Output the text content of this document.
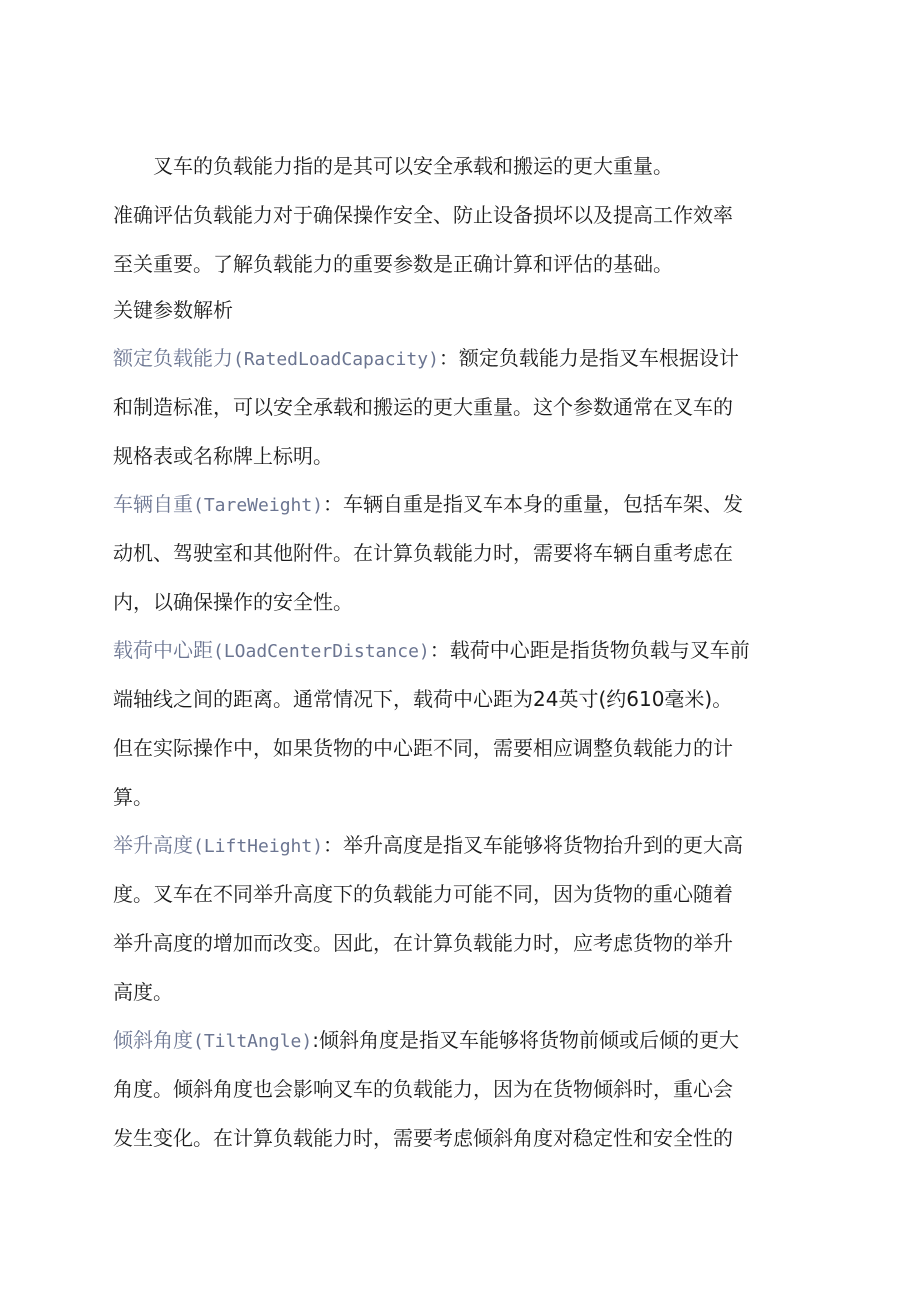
叉车的负载能力指的是其可以安全承载和搬运的更大重量。
准确评估负载能力对于确保操作安全、防止设备损坏以及提高工作效率
至关重要。了解负载能力的重要参数是正确计算和评估的基础。
关键参数解析
额定负载能力(RatedLoadCapacity)：额定负载能力是指叉车根据设计
和制造标准，可以安全承载和搬运的更大重量。这个参数通常在叉车的
规格表或名称牌上标明。
车辆自重(TareWeight)：车辆自重是指叉车本身的重量，包括车架、发
动机、驾驶室和其他附件。在计算负载能力时，需要将车辆自重考虑在
内，以确保操作的安全性。
载荷中心距(LOadCenterDistance)：载荷中心距是指货物负载与叉车前
端轴线之间的距离。通常情况下，载荷中心距为24英寸(约610毫米)。
但在实际操作中，如果货物的中心距不同，需要相应调整负载能力的计
算。
举升高度(LiftHeight)：举升高度是指叉车能够将货物抬升到的更大高
度。叉车在不同举升高度下的负载能力可能不同，因为货物的重心随着
举升高度的增加而改变。因此，在计算负载能力时，应考虑货物的举升
高度。
倾斜角度(TiltAngle):倾斜角度是指叉车能够将货物前倾或后倾的更大
角度。倾斜角度也会影响叉车的负载能力，因为在货物倾斜时，重心会
发生变化。在计算负载能力时，需要考虑倾斜角度对稳定性和安全性的
